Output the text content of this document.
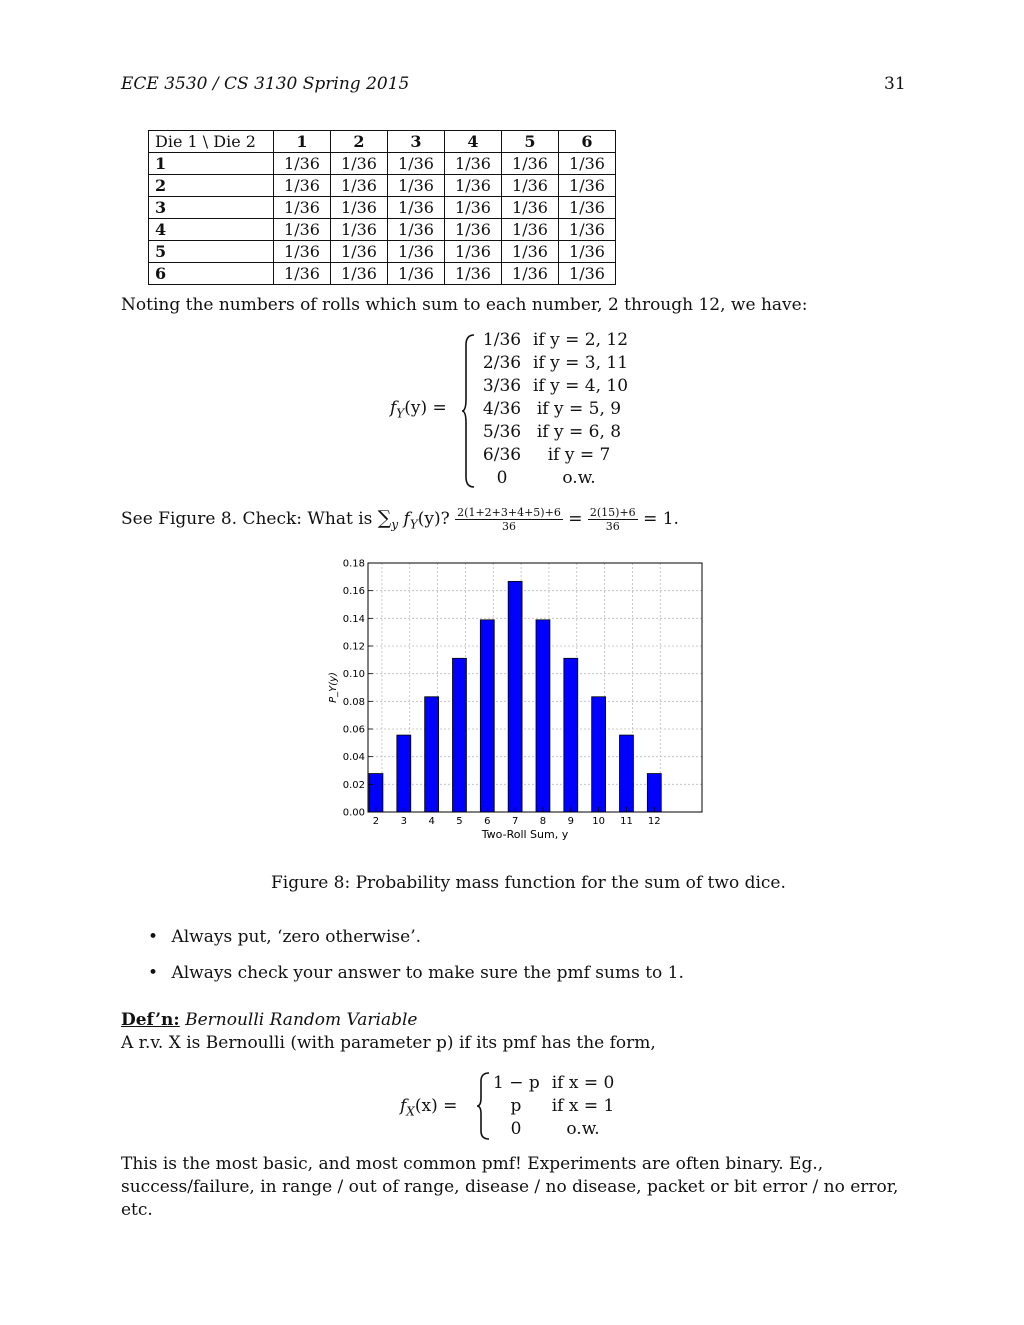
ECE 3530 / CS 3130 Spring 2015	31
Die 1 \ Die 2	1	2	3	4	5	6
1	1/36	1/36	1/36	1/36	1/36	1/36
2	1/36	1/36	1/36	1/36	1/36	1/36
3	1/36	1/36	1/36	1/36	1/36	1/36
4	1/36	1/36	1/36	1/36	1/36	1/36
5	1/36	1/36	1/36	1/36	1/36	1/36
6	1/36	1/36	1/36	1/36	1/36	1/36
Noting the numbers of rolls which sum to each number, 2 through 12, we have:
$f_Y(y)$ =
1/36 if y = 2, 12
2/36 if y = 3, 11
3/36 if y = 4, 10
4/36 if y = 5, 9
5/36 if y = 6, 8
6/36	if y = 7
0	o.w.
See Figure 8. Check: What is $\sum_y$ $f_Y(y)$? $\frac{2(1+2+3+4+5)+6}{36} = \frac{2(15)+6}{36} = 1$.
0.00
0.02
0.04
0.06
0.08
0.10
0.12
0.14
0.16
0.18
2 3 4 5 6 7 8 9 10 11 12
Two-Roll Sum, y
P_Y(y)
Figure 8: Probability mass function for the sum of two dice.
• Always put, ‘zero otherwise’.
• Always check your answer to make sure the pmf sums to 1.
Def’n: Bernoulli Random Variable
A r.v. X is Bernoulli (with parameter p) if its pmf has the form,
$f_X(x)$ =
1 − p if x = 0
p	if x = 1
0	o.w.
This is the most basic, and most common pmf! Experiments are often binary. Eg., success/failure, in range / out of range, disease / no disease, packet or bit error / no error, etc.
